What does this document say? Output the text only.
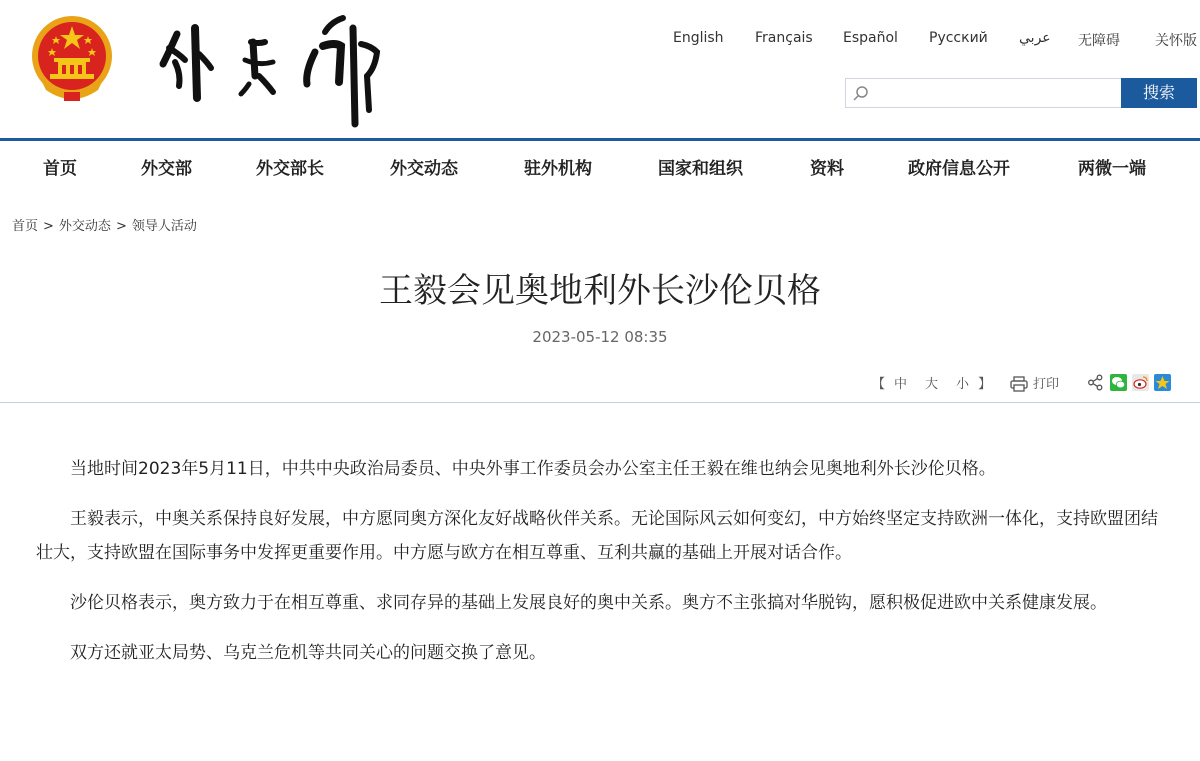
English Français Español Русский عربي 无障碍	关怀版
搜索
首页	外交部	外交部长	外交动态	驻外机构	国家和组织	资料	政府信息公开	两微一端
首页 > 外交动态 > 领导人活动
王毅会见奥地利外长沙伦贝格
2023-05-12 08:35
【 中 大 小 】	打印

当地时间2023年5月11日，中共中央政治局委员、中央外事工作委员会办公室主任王毅在维也纳会见奥地利外长沙伦贝格。

王毅表示，中奥关系保持良好发展，中方愿同奥方深化友好战略伙伴关系。无论国际风云如何变幻，中方始终坚定支持欧洲一体化，支持欧盟团结壮大，支持欧盟在国际事务中发挥更重要作用。中方愿与欧方在相互尊重、互利共赢的基础上开展对话合作。

沙伦贝格表示，奥方致力于在相互尊重、求同存异的基础上发展良好的奥中关系。奥方不主张搞对华脱钩，愿积极促进欧中关系健康发展。

双方还就亚太局势、乌克兰危机等共同关心的问题交换了意见。
